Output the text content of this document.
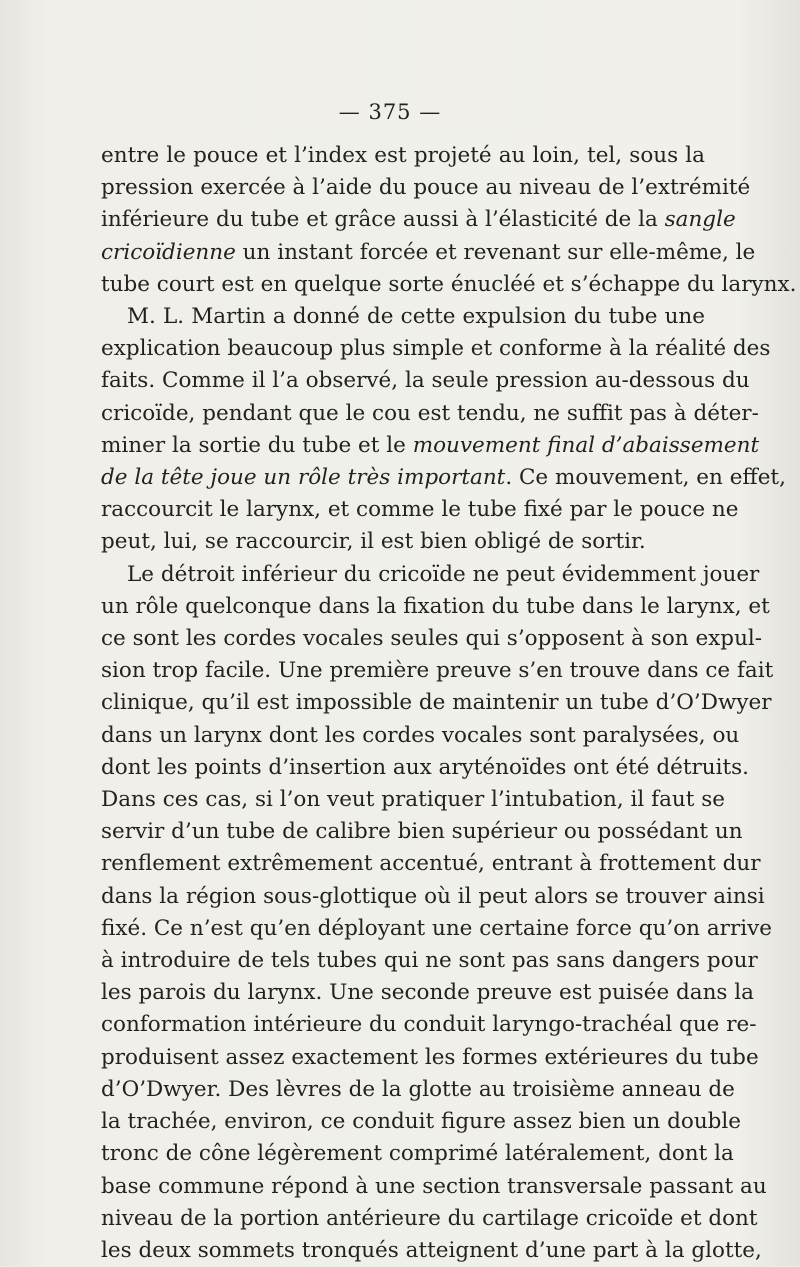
— 375 —
entre le pouce et l’index est projeté au loin, tel, sous la
pression exercée à l’aide du pouce au niveau de l’extrémité
inférieure du tube et grâce aussi à l’élasticité de la sangle
cricoïdienne un instant forcée et revenant sur elle-même, le
tube court est en quelque sorte énucléé et s’échappe du larynx.
M. L. Martin a donné de cette expulsion du tube une
explication beaucoup plus simple et conforme à la réalité des
faits. Comme il l’a observé, la seule pression au-dessous du
cricoïde, pendant que le cou est tendu, ne suffit pas à déter-
miner la sortie du tube et le mouvement final d’abaissement
de la tête joue un rôle très important. Ce mouvement, en effet,
raccourcit le larynx, et comme le tube fixé par le pouce ne
peut, lui, se raccourcir, il est bien obligé de sortir.
Le détroit inférieur du cricoïde ne peut évidemment jouer
un rôle quelconque dans la fixation du tube dans le larynx, et
ce sont les cordes vocales seules qui s’opposent à son expul-
sion trop facile. Une première preuve s’en trouve dans ce fait
clinique, qu’il est impossible de maintenir un tube d’O’Dwyer
dans un larynx dont les cordes vocales sont paralysées, ou
dont les points d’insertion aux aryténoïdes ont été détruits.
Dans ces cas, si l’on veut pratiquer l’intubation, il faut se
servir d’un tube de calibre bien supérieur ou possédant un
renflement extrêmement accentué, entrant à frottement dur
dans la région sous-glottique où il peut alors se trouver ainsi
fixé. Ce n’est qu’en déployant une certaine force qu’on arrive
à introduire de tels tubes qui ne sont pas sans dangers pour
les parois du larynx. Une seconde preuve est puisée dans la
conformation intérieure du conduit laryngo-trachéal que re-
produisent assez exactement les formes extérieures du tube
d’O’Dwyer. Des lèvres de la glotte au troisième anneau de
la trachée, environ, ce conduit figure assez bien un double
tronc de cône légèrement comprimé latéralement, dont la
base commune répond à une section transversale passant au
niveau de la portion antérieure du cartilage cricoïde et dont
les deux sommets tronqués atteignent d’une part à la glotte,
